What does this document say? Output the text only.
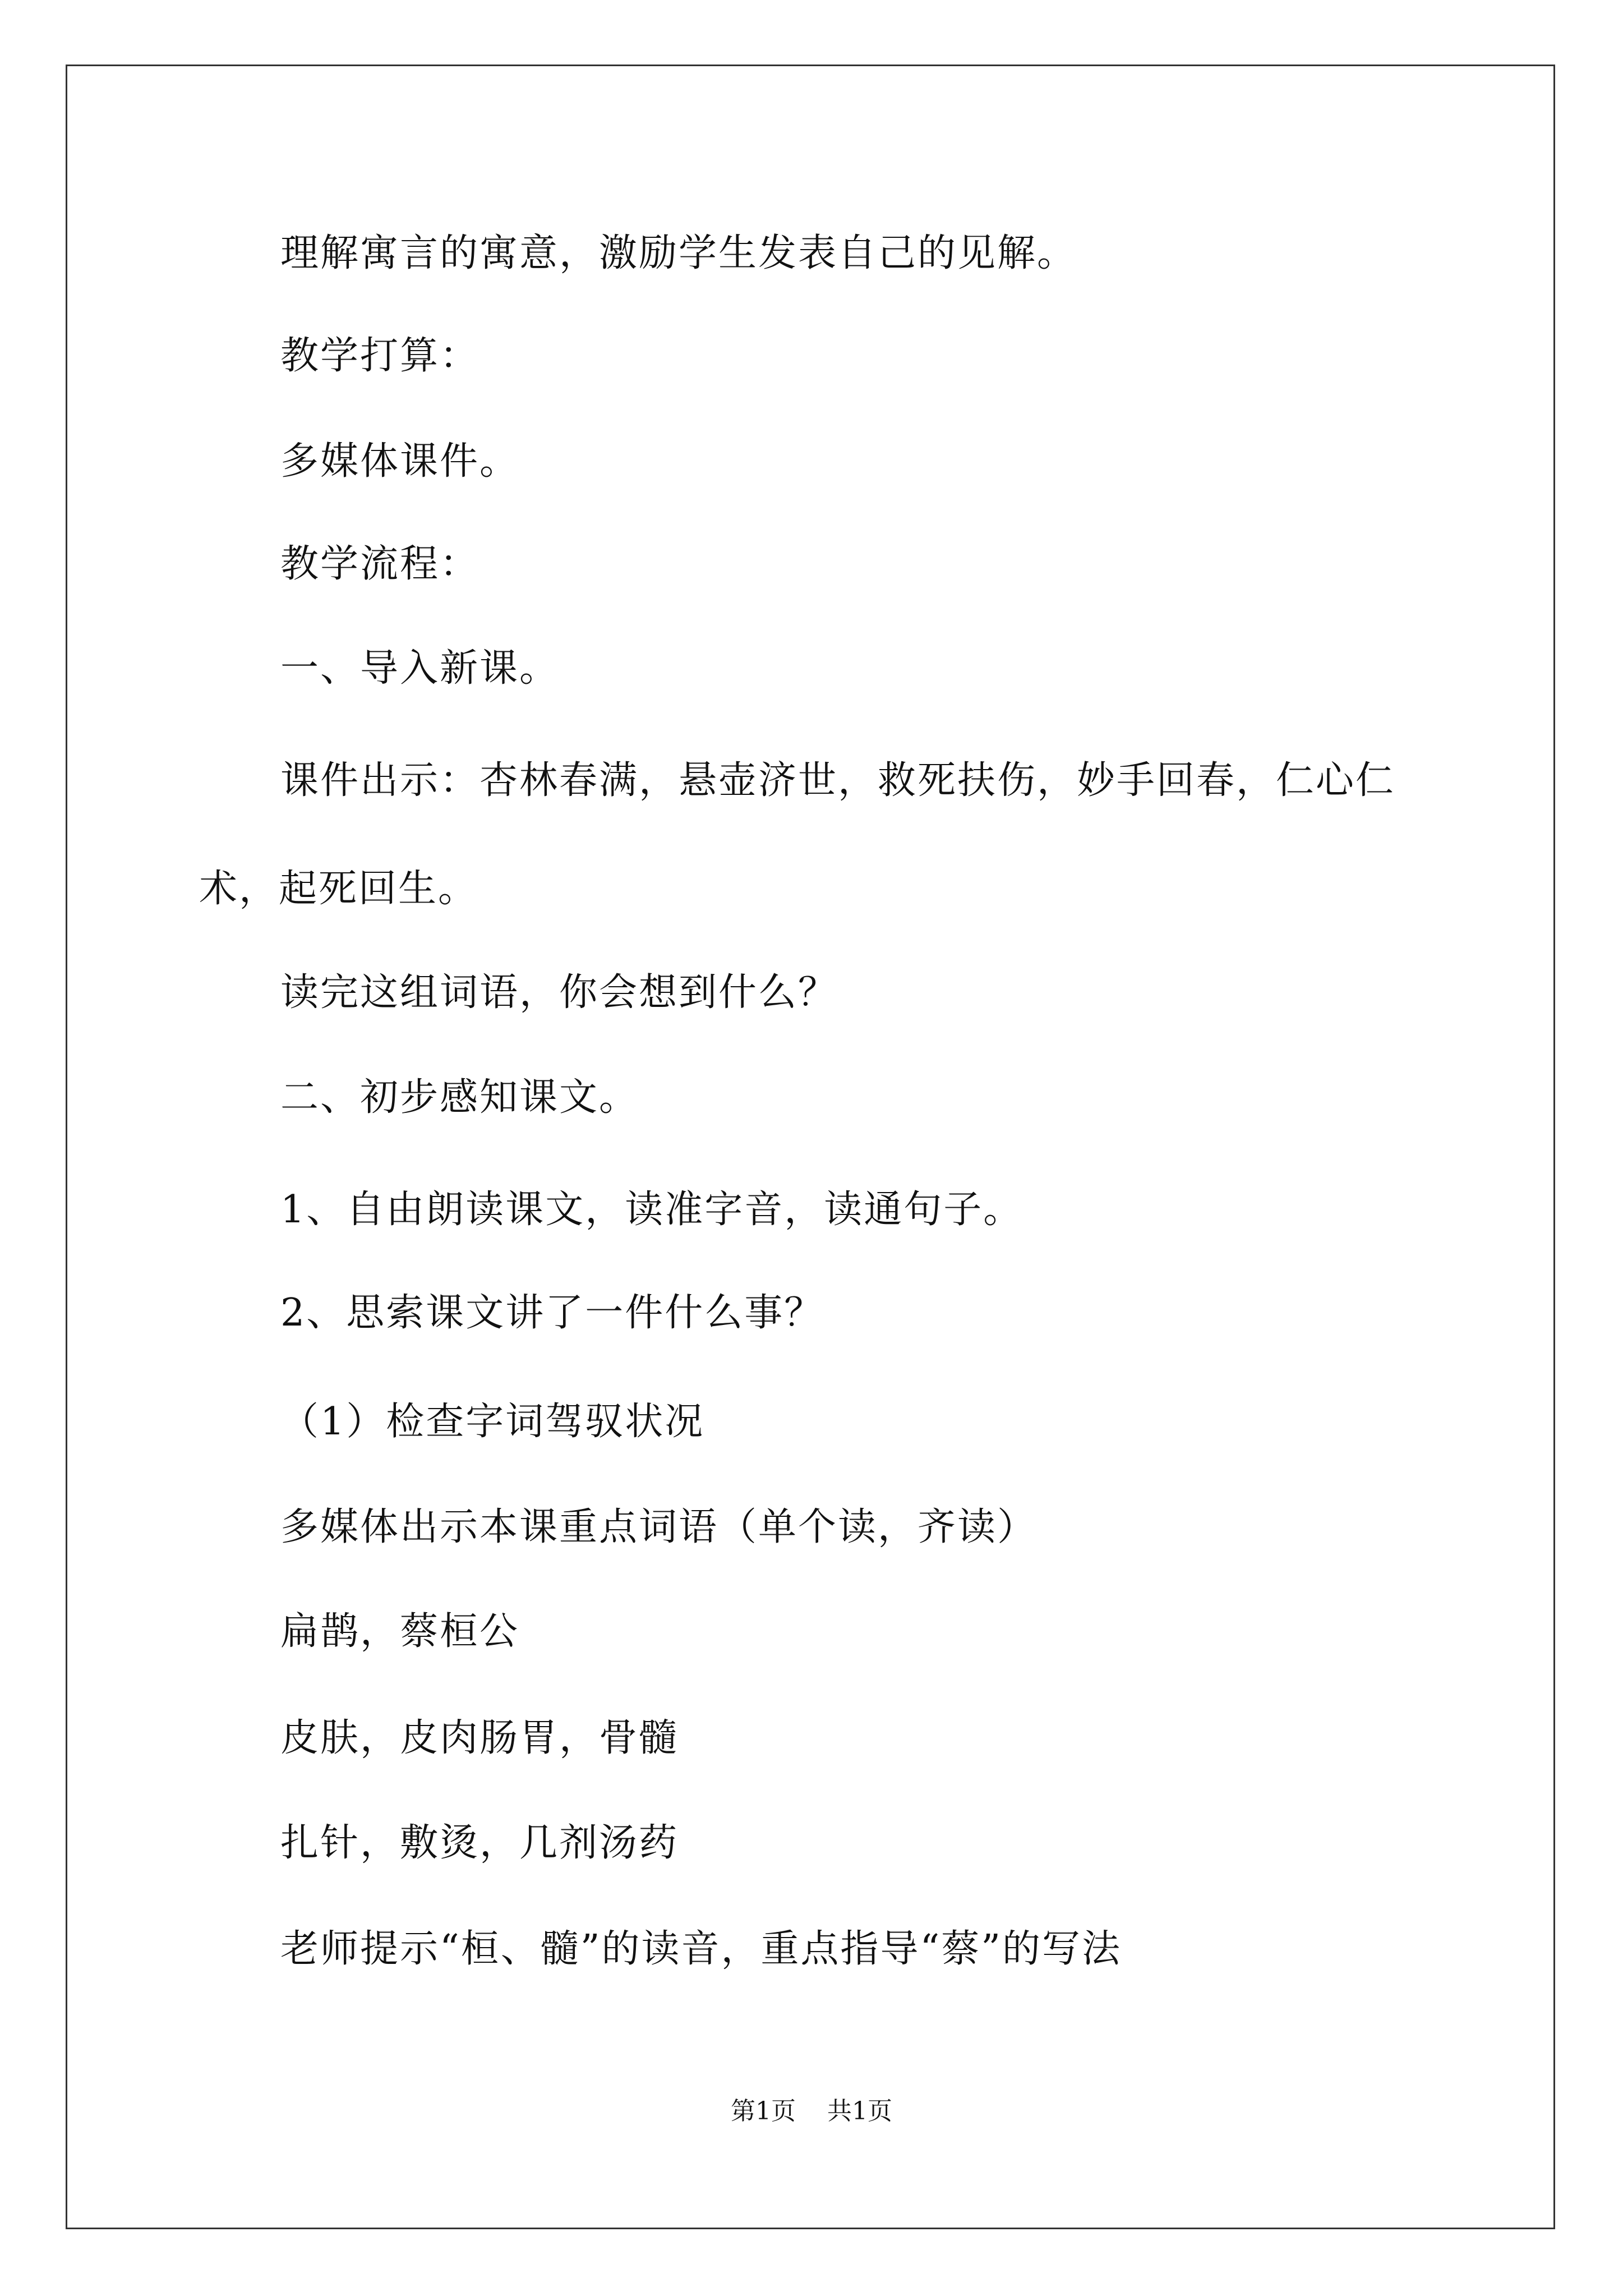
理解寓言的寓意，激励学生发表自己的见解。
教学打算：
多媒体课件。
教学流程：
一、导入新课。
课件出示：杏林春满，悬壶济世，救死扶伤，妙手回春，仁心仁
术，起死回生。
读完这组词语，你会想到什么？
二、初步感知课文。
1、自由朗读课文，读准字音，读通句子。
2、思索课文讲了一件什么事？
（1）检查字词驾驭状况
多媒体出示本课重点词语（单个读，齐读）
扁鹊，蔡桓公
皮肤，皮肉肠胃，骨髓
扎针，敷烫，几剂汤药
老师提示“桓、髓”的读音，重点指导“蔡”的写法
第1页 共1页
